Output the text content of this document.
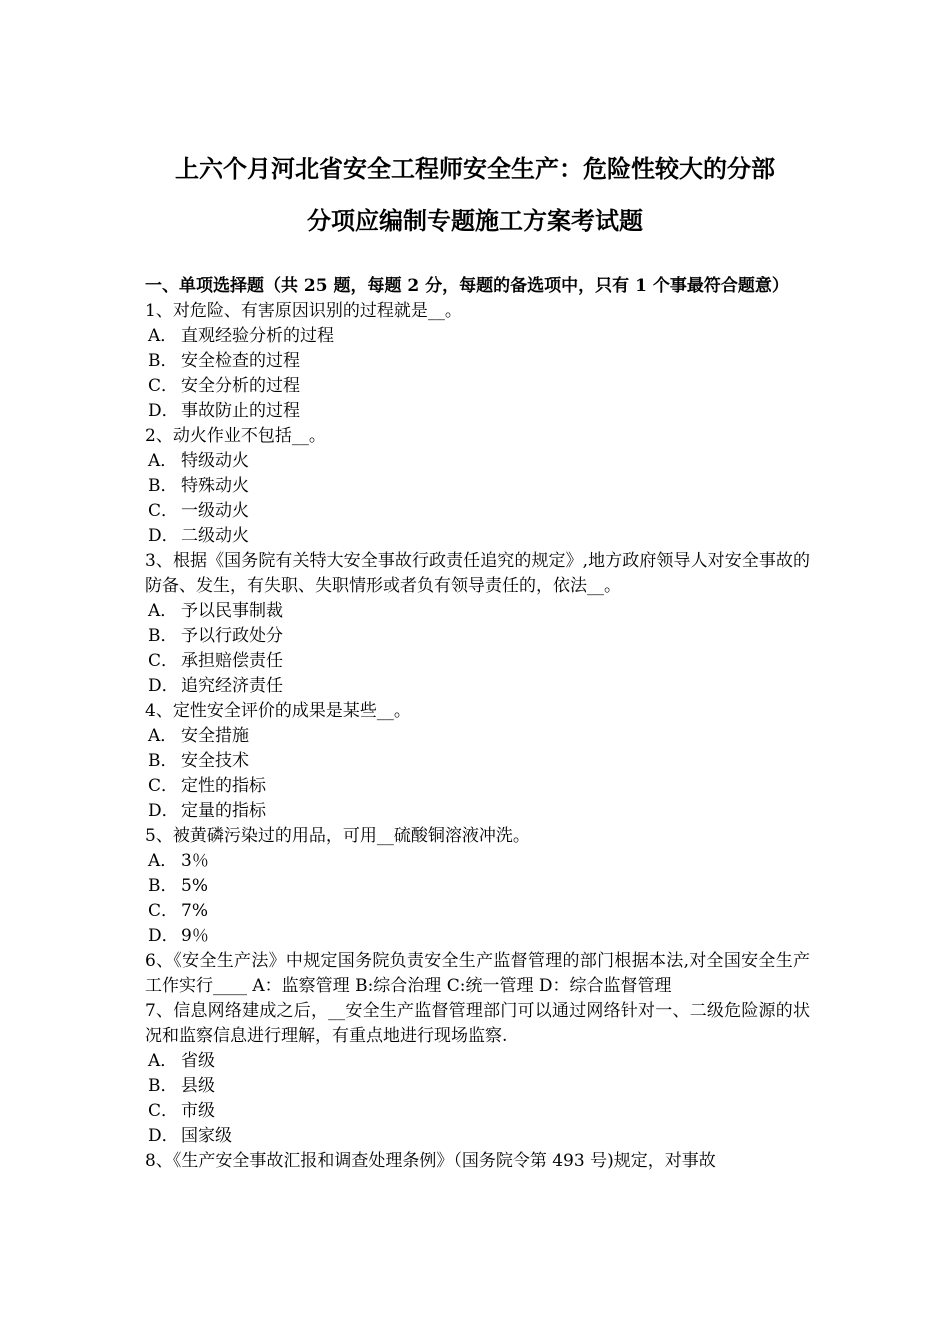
上六个月河北省安全工程师安全生产：危险性较大的分部
分项应编制专题施工方案考试题
一、单项选择题（共 25 题，每题 2 分，每题的备选项中，只有 1 个事最符合题意）
1、对危险、有害原因识别的过程就是__。
A． 直观经验分析的过程
B． 安全检查的过程
C． 安全分析的过程
D． 事故防止的过程
2、动火作业不包括__。
A． 特级动火
B． 特殊动火
C． 一级动火
D． 二级动火
3、根据《国务院有关特大安全事故行政责任追究的规定》,地方政府领导人对安全事故的防备、发生，有失职、失职情形或者负有领导责任的，依法__。
A． 予以民事制裁
B． 予以行政处分
C． 承担赔偿责任
D． 追究经济责任
4、定性安全评价的成果是某些__。
A． 安全措施
B． 安全技术
C． 定性的指标
D． 定量的指标
5、被黄磷污染过的用品，可用__硫酸铜溶液冲洗。
A． 3％
B． 5%
C． 7%
D． 9％
6、《安全生产法》中规定国务院负责安全生产监督管理的部门根据本法,对全国安全生产工作实行____ A：监察管理 B:综合治理 C:统一管理 D：综合监督管理
7、信息网络建成之后，__安全生产监督管理部门可以通过网络针对一、二级危险源的状况和监察信息进行理解，有重点地进行现场监察.
A． 省级
B． 县级
C． 市级
D． 国家级
8、《生产安全事故汇报和调查处理条例》（国务院令第 493 号)规定，对事故
